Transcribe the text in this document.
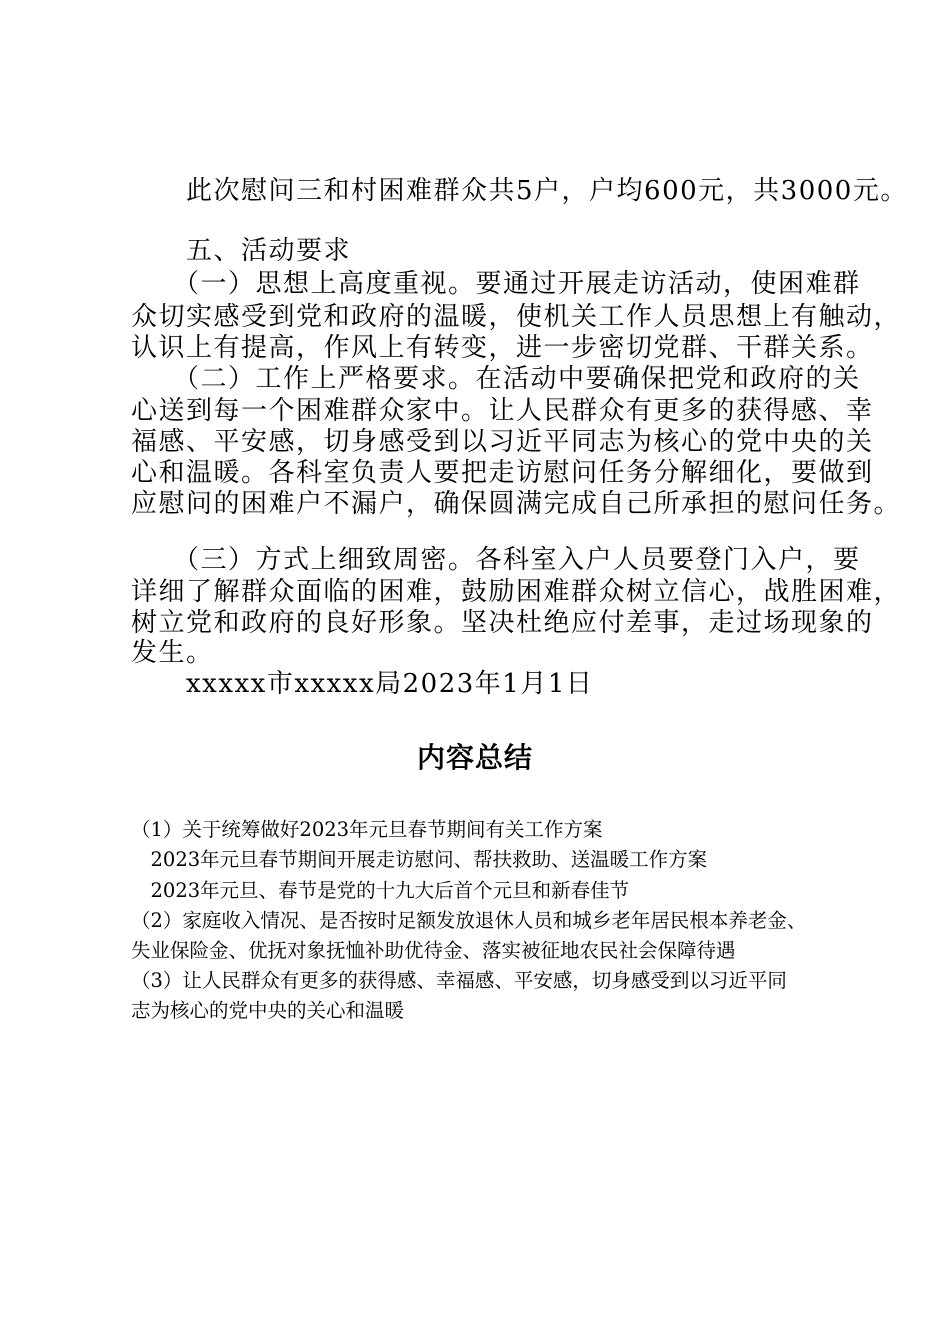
　　此次慰问三和村困难群众共5户，户均600元，共3000元。

　　五、活动要求

　　（一）思想上高度重视。要通过开展走访活动，使困难群

众切实感受到党和政府的温暖，使机关工作人员思想上有触动，

认识上有提高，作风上有转变，进一步密切党群、干群关系。

　　（二）工作上严格要求。在活动中要确保把党和政府的关

心送到每一个困难群众家中。让人民群众有更多的获得感、幸

福感、平安感，切身感受到以习近平同志为核心的党中央的关

心和温暖。各科室负责人要把走访慰问任务分解细化，要做到

应慰问的困难户不漏户，确保圆满完成自己所承担的慰问任务。

　　（三）方式上细致周密。各科室入户人员要登门入户，要

详细了解群众面临的困难，鼓励困难群众树立信心，战胜困难，

树立党和政府的良好形象。坚决杜绝应付差事，走过场现象的

发生。

　　xxxxx市xxxxx局2023年1月1日

内容总结

（1）关于统筹做好2023年元旦春节期间有关工作方案

　2023年元旦春节期间开展走访慰问、帮扶救助、送温暖工作方案

　2023年元旦、春节是党的十九大后首个元旦和新春佳节

（2）家庭收入情况、是否按时足额发放退休人员和城乡老年居民根本养老金、

失业保险金、优抚对象抚恤补助优待金、落实被征地农民社会保障待遇

（3）让人民群众有更多的获得感、幸福感、平安感，切身感受到以习近平同

志为核心的党中央的关心和温暖
